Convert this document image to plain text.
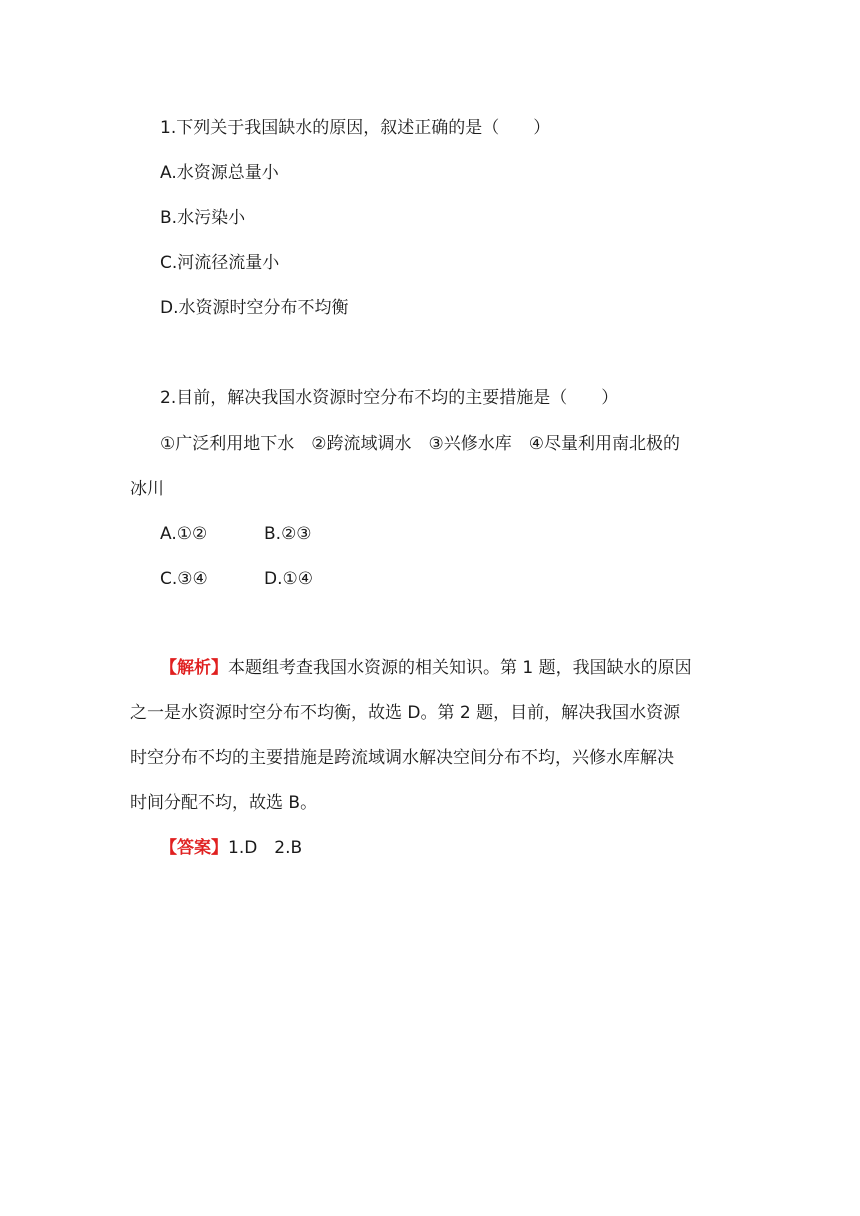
1.下列关于我国缺水的原因，叙述正确的是（　　）
A.水资源总量小
B.水污染小
C.河流径流量小
D.水资源时空分布不均衡
2.目前，解决我国水资源时空分布不均的主要措施是（　　）
①广泛利用地下水　②跨流域调水　③兴修水库　④尽量利用南北极的
冰川
A.①②	B.②③
C.③④	D.①④
【解析】本题组考查我国水资源的相关知识。第 1 题，我国缺水的原因
之一是水资源时空分布不均衡，故选 D。第 2 题，目前，解决我国水资源
时空分布不均的主要措施是跨流域调水解决空间分布不均，兴修水库解决
时间分配不均，故选 B。
【答案】1.D　2.B
